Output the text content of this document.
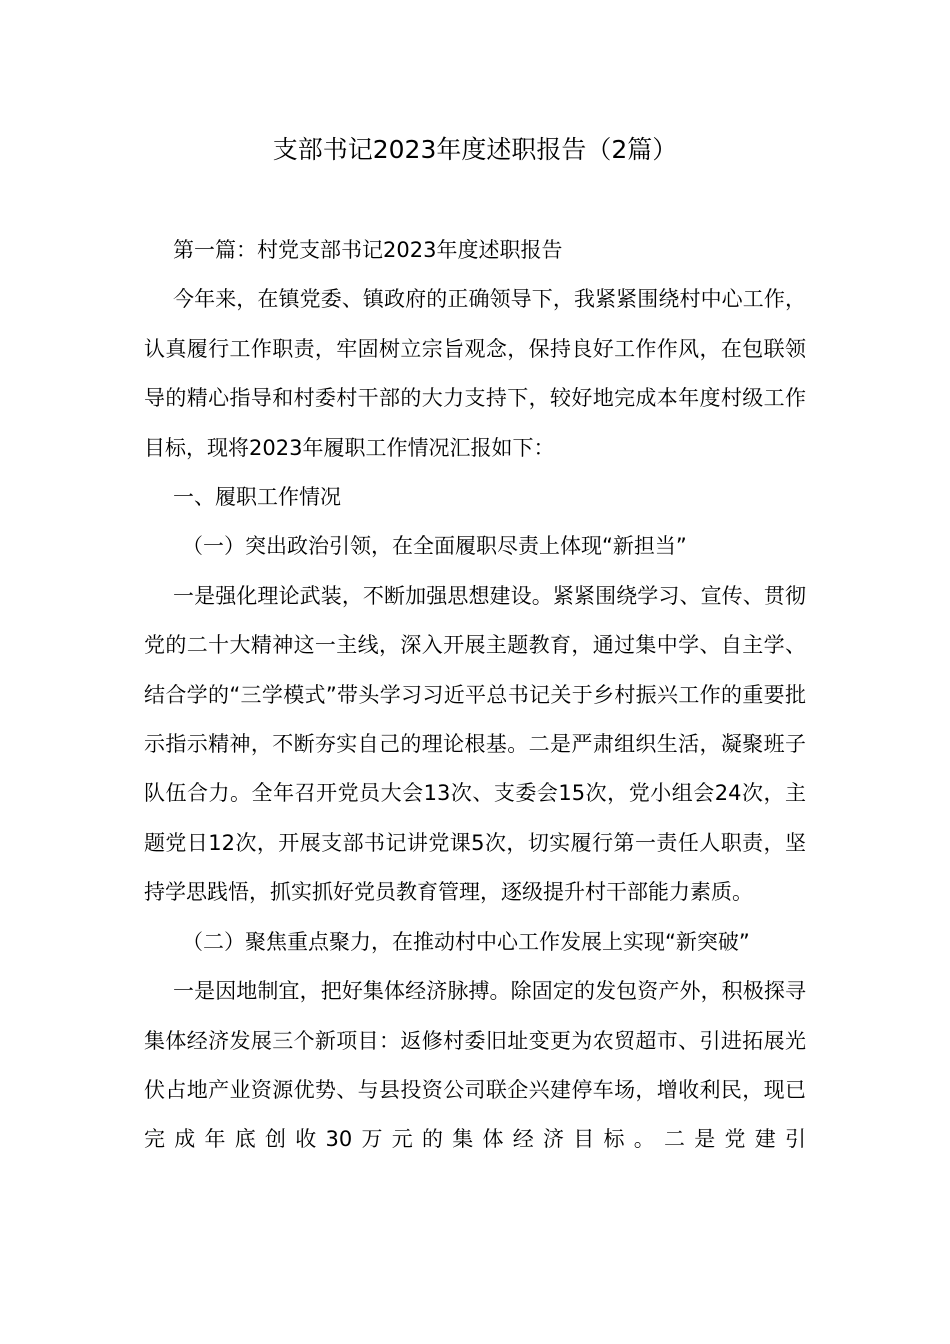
支部书记2023年度述职报告（2篇）

第一篇：村党支部书记2023年度述职报告

今年来，在镇党委、镇政府的正确领导下，我紧紧围绕村中心工作，认真履行工作职责，牢固树立宗旨观念，保持良好工作作风，在包联领导的精心指导和村委村干部的大力支持下，较好地完成本年度村级工作目标，现将2023年履职工作情况汇报如下：

一、履职工作情况

（一）突出政治引领，在全面履职尽责上体现“新担当”

一是强化理论武装，不断加强思想建设。紧紧围绕学习、宣传、贯彻党的二十大精神这一主线，深入开展主题教育，通过集中学、自主学、结合学的“三学模式”带头学习习近平总书记关于乡村振兴工作的重要批示指示精神，不断夯实自己的理论根基。二是严肃组织生活，凝聚班子队伍合力。全年召开党员大会13次、支委会15次，党小组会24次，主题党日12次，开展支部书记讲党课5次，切实履行第一责任人职责，坚持学思践悟，抓实抓好党员教育管理，逐级提升村干部能力素质。

（二）聚焦重点聚力，在推动村中心工作发展上实现“新突破”

一是因地制宜，把好集体经济脉搏。除固定的发包资产外，积极探寻集体经济发展三个新项目：返修村委旧址变更为农贸超市、引进拓展光伏占地产业资源优势、与县投资公司联企兴建停车场，增收利民，现已完成年底创收30万元的集体经济目标。二是党建引
